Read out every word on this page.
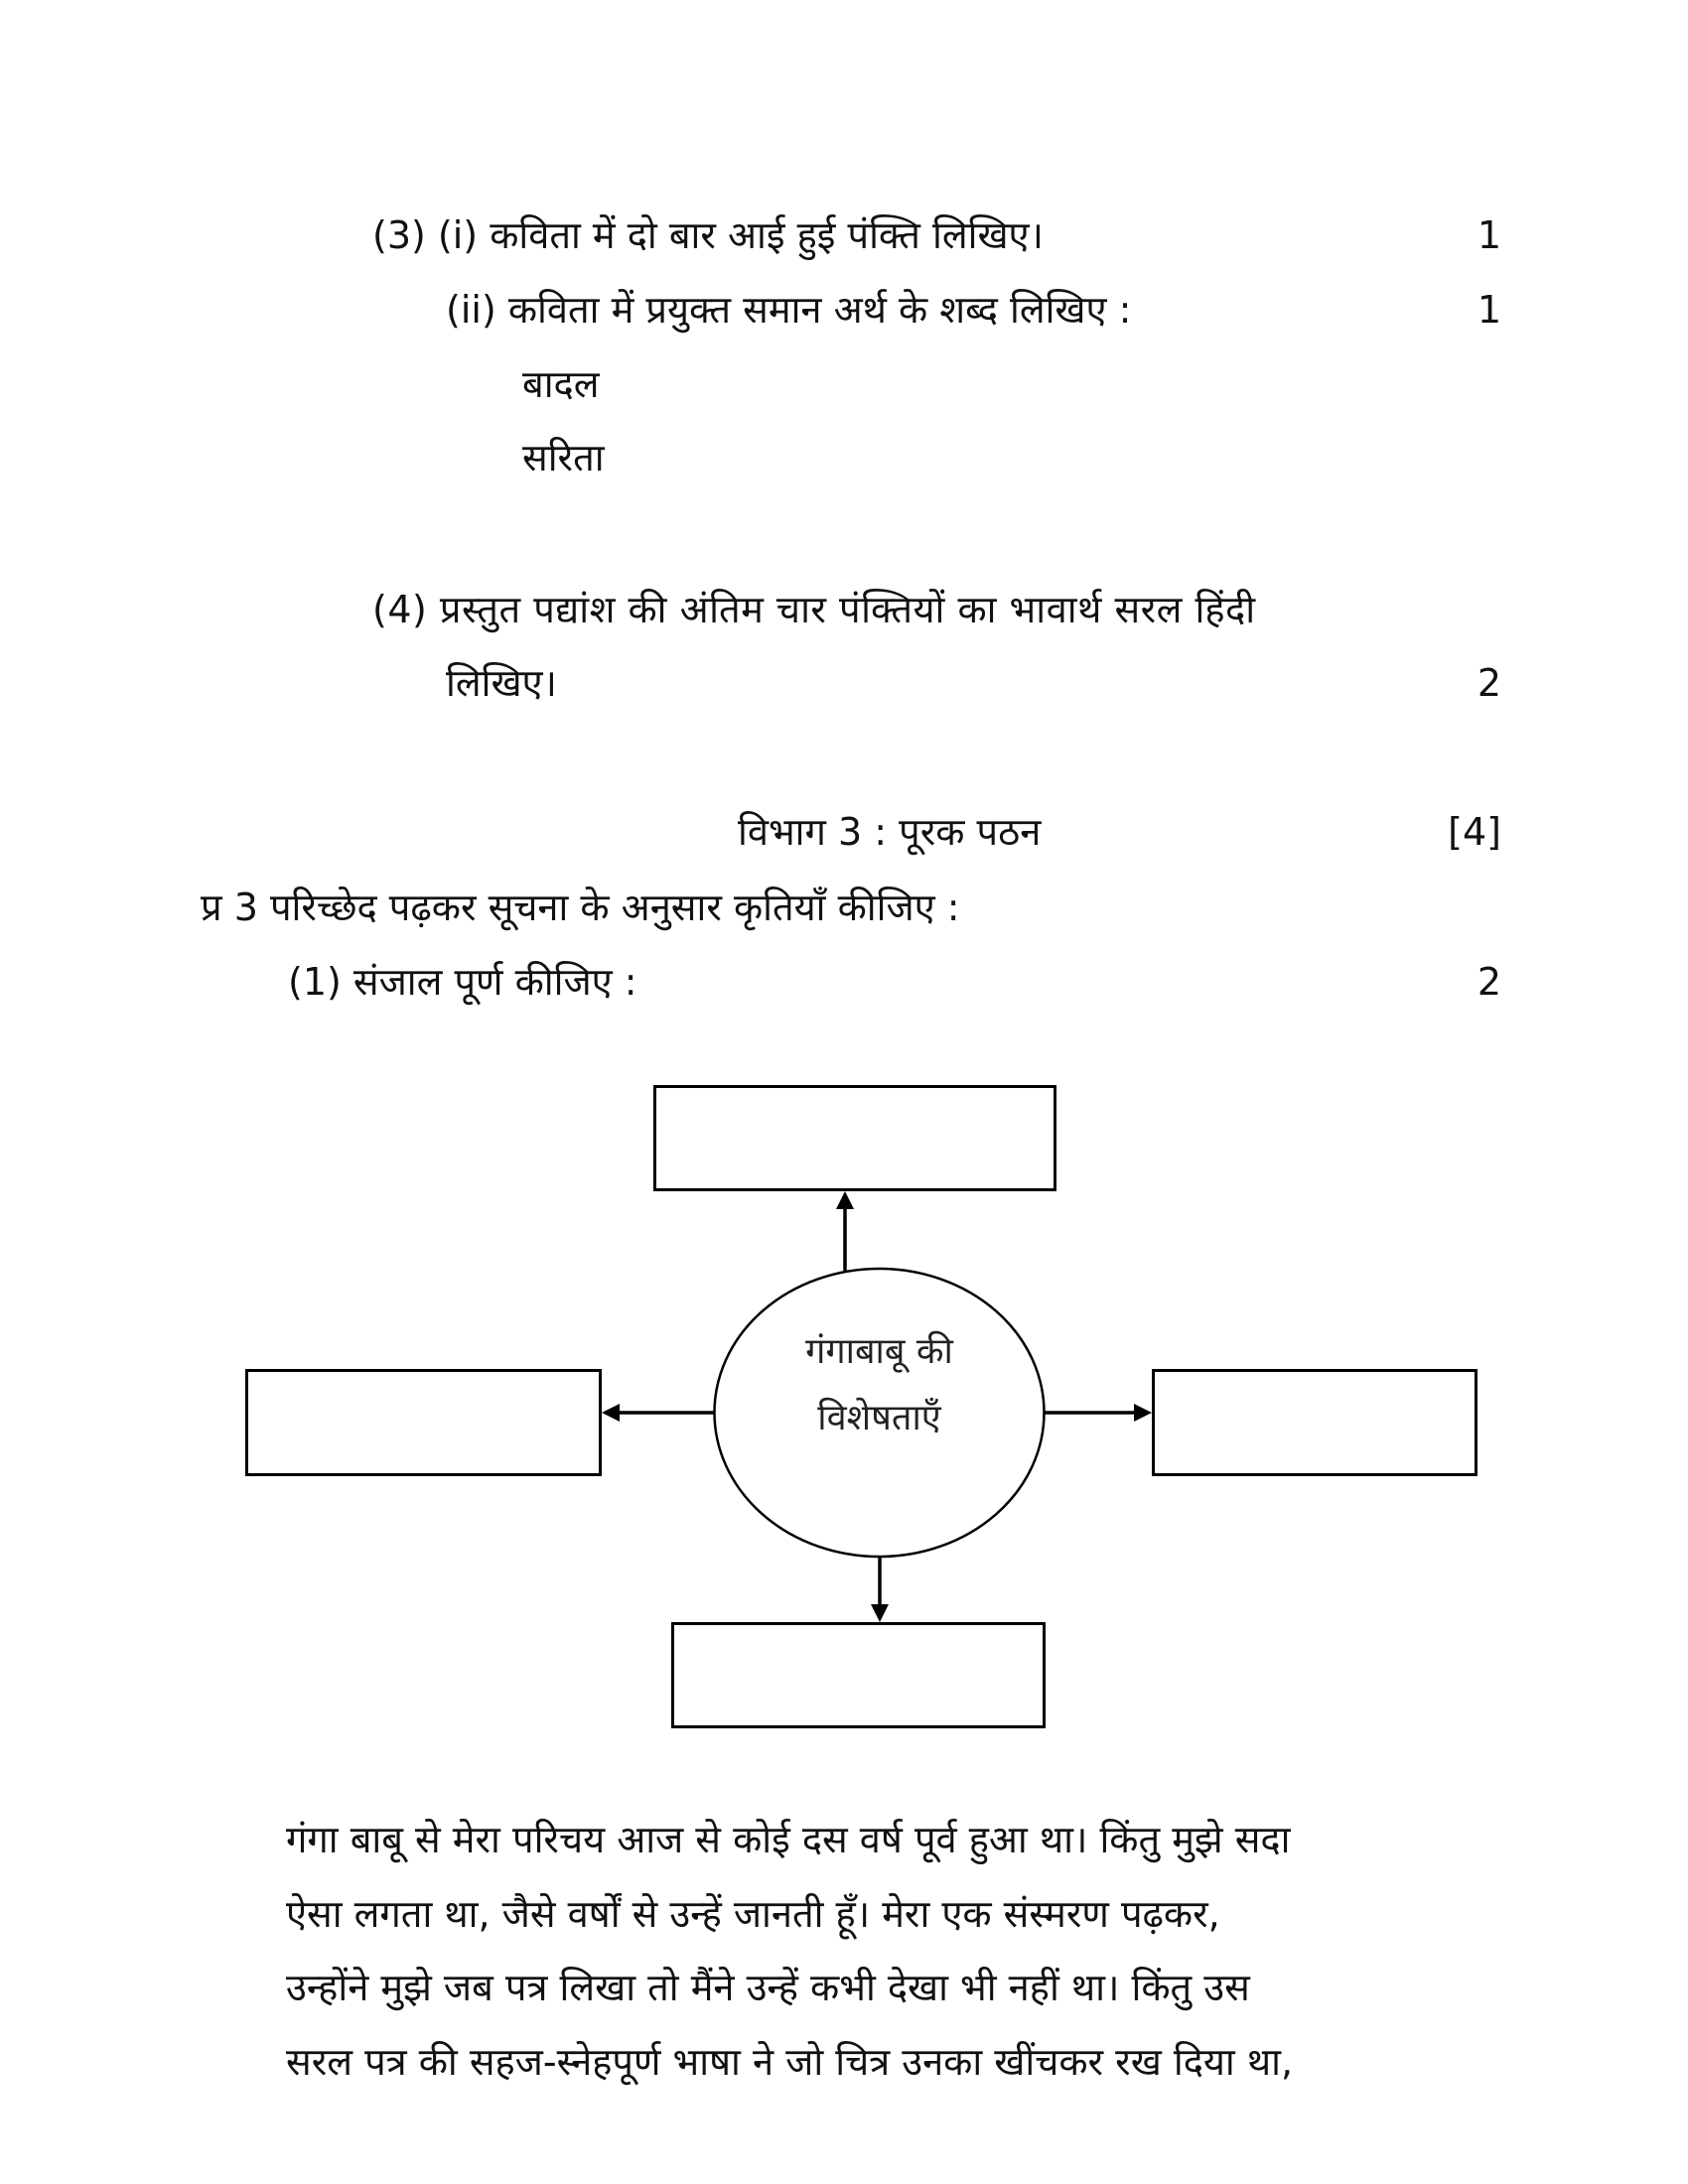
(3) (i) कविता में दो बार आई हुई पंक्ति लिखिए।	1
(ii) कविता में प्रयुक्त समान अर्थ के शब्द लिखिए :	1
बादल
सरिता
(4) प्रस्तुत पद्यांश की अंतिम चार पंक्तियों का भावार्थ सरल हिंदी
लिखिए।	2
विभाग 3 : पूरक पठन	[4]
प्र 3 परिच्छेद पढ़कर सूचना के अनुसार कृतियाँ कीजिए :
(1) संजाल पूर्ण कीजिए :	2
गंगाबाबू की
विशेषताएँ
गंगा बाबू से मेरा परिचय आज से कोई दस वर्ष पूर्व हुआ था। किंतु मुझे सदा
ऐसा लगता था, जैसे वर्षों से उन्हें जानती हूँ। मेरा एक संस्मरण पढ़कर,
उन्होंने मुझे जब पत्र लिखा तो मैंने उन्हें कभी देखा भी नहीं था। किंतु उस
सरल पत्र की सहज-स्नेहपूर्ण भाषा ने जो चित्र उनका खींचकर रख दिया था,
